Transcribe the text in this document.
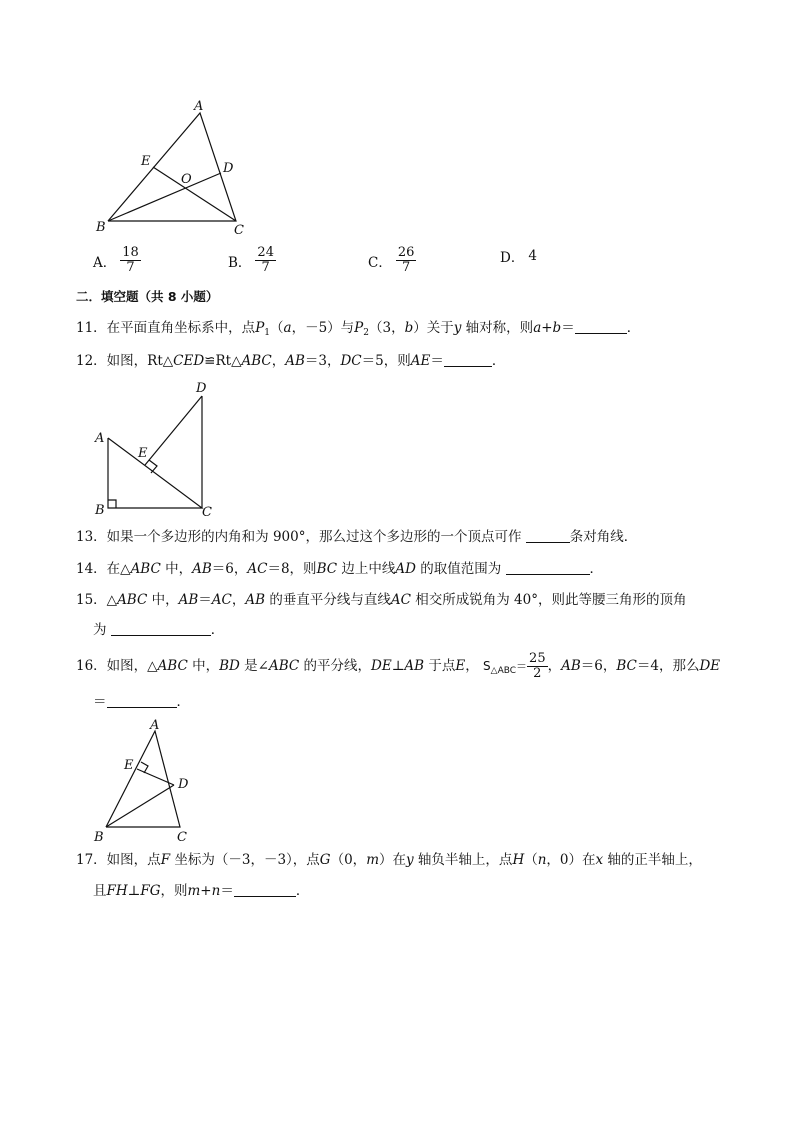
A
B	C
D
E
O
A． $\frac{18}{7}$	B． $\frac{24}{7}$	C． $\frac{26}{7}$	D． 4
二．填空题（共 8 小题）
11．在平面直角坐标系中，点$P_1(a$，－5）与$P_2(3$，b）关于y 轴对称，则a+b＝	．
12．如图，Rt△CED≌Rt△ABC，AB＝3，DC＝5，则AE＝	．
A
B	C
D
E
13．如果一个多边形的内角和为 900°，那么过这个多边形的一个顶点可作	条对角线．
14．在△ABC 中，AB＝6，AC＝8，则BC 边上中线AD 的取值范围为	．
15．△ABC 中，AB＝AC，AB 的垂直平分线与直线AC 相交所成锐角为 40°，则此等腰三角形的顶角
为	．
16．如图，△ABC 中，BD 是∠ABC 的平分线，DE⊥AB 于点E， $S_{\triangle ABC}= \frac{25}{2}$ ，AB＝6，BC＝4，那么DE
＝	．
A
B	C
D
E
17．如图，点F 坐标为（－3，－3），点G（0，m）在y 轴负半轴上，点H（n，0）在x 轴的正半轴上，
且FH⊥FG，则m+n＝	．
